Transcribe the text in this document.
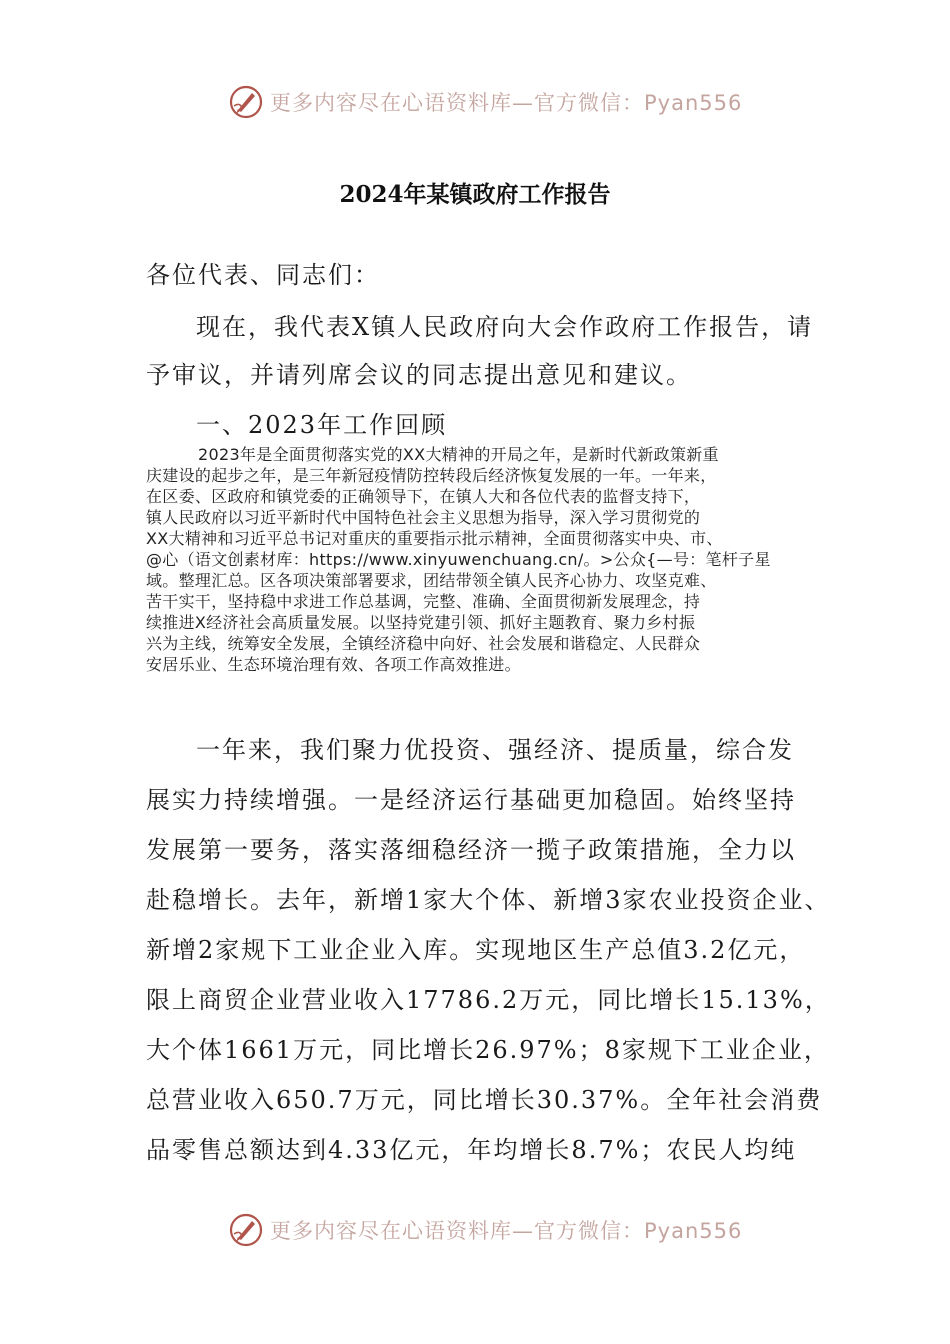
更多内容尽在心语资料库—官方微信：Pyan556
2024年某镇政府工作报告
各位代表、同志们：
现在，我代表X镇人民政府向大会作政府工作报告，请
予审议，并请列席会议的同志提出意见和建议。
一、2023年工作回顾

2023年是全面贯彻落实党的XX大精神的开局之年，是新时代新政策新重

庆建设的起步之年，是三年新冠疫情防控转段后经济恢复发展的一年。一年来，

在区委、区政府和镇党委的正确领导下，在镇人大和各位代表的监督支持下，

镇人民政府以习近平新时代中国特色社会主义思想为指导，深入学习贯彻党的

XX大精神和习近平总书记对重庆的重要指示批示精神，全面贯彻落实中央、市、

@心（语文创素材库：https://www.xinyuwenchuang.cn/。>公众{—号：笔杆子星

域。整理汇总。区各项决策部署要求，团结带领全镇人民齐心协力、攻坚克难、

苦干实干，坚持稳中求进工作总基调，完整、准确、全面贯彻新发展理念，持

续推进X经济社会高质量发展。以坚持党建引领、抓好主题教育、聚力乡村振

兴为主线，统筹安全发展，全镇经济稳中向好、社会发展和谐稳定、人民群众

安居乐业、生态环境治理有效、各项工作高效推进。

一年来，我们聚力优投资、强经济、提质量，综合发
展实力持续增强。一是经济运行基础更加稳固。始终坚持
发展第一要务，落实落细稳经济一揽子政策措施，全力以
赴稳增长。去年，新增1家大个体、新增3家农业投资企业、
新增2家规下工业企业入库。实现地区生产总值3.2亿元，
限上商贸企业营业收入17786.2万元，同比增长15.13%，
大个体1661万元，同比增长26.97%；8家规下工业企业，
总营业收入650.7万元，同比增长30.37%。全年社会消费
品零售总额达到4.33亿元，年均增长8.7%；农民人均纯
更多内容尽在心语资料库—官方微信：Pyan556
